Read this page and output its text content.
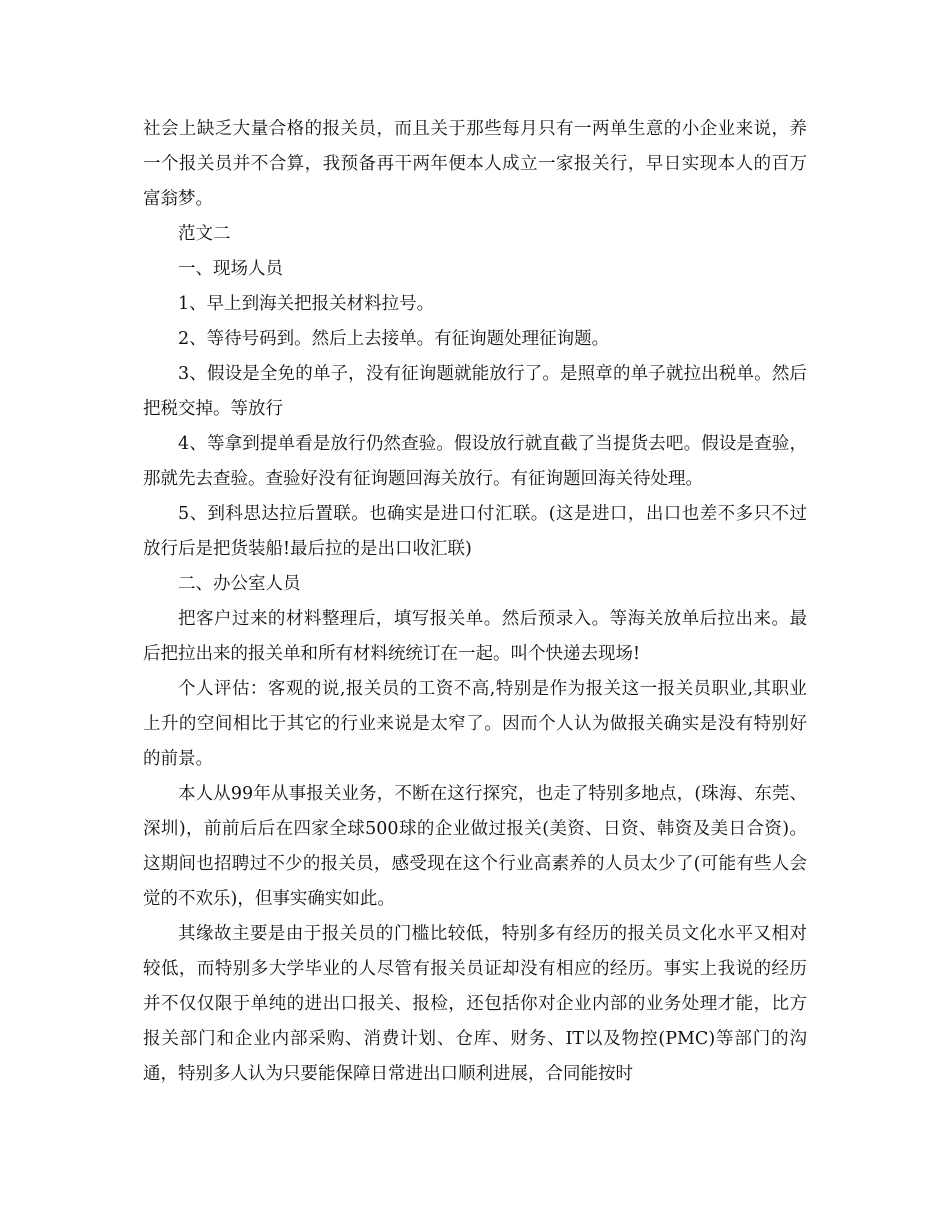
社会上缺乏大量合格的报关员，而且关于那些每月只有一两单生意的小企业来说，养一个报关员并不合算，我预备再干两年便本人成立一家报关行，早日实现本人的百万富翁梦。

范文二

一、现场人员

1、早上到海关把报关材料拉号。

2、等待号码到。然后上去接单。有征询题处理征询题。

3、假设是全免的单子，没有征询题就能放行了。是照章的单子就拉出税单。然后把税交掉。等放行

4、等拿到提单看是放行仍然查验。假设放行就直截了当提货去吧。假设是查验，那就先去查验。查验好没有征询题回海关放行。有征询题回海关待处理。

5、到科思达拉后置联。也确实是进口付汇联。(这是进口，出口也差不多只不过放行后是把货装船!最后拉的是出口收汇联)

二、办公室人员

把客户过来的材料整理后，填写报关单。然后预录入。等海关放单后拉出来。最后把拉出来的报关单和所有材料统统订在一起。叫个快递去现场!

个人评估：客观的说,报关员的工资不高,特别是作为报关这一报关员职业,其职业上升的空间相比于其它的行业来说是太窄了。因而个人认为做报关确实是没有特别好的前景。

本人从99年从事报关业务，不断在这行探究，也走了特别多地点，(珠海、东莞、深圳)，前前后后在四家全球500球的企业做过报关(美资、日资、韩资及美日合资)。这期间也招聘过不少的报关员，感受现在这个行业高素养的人员太少了(可能有些人会觉的不欢乐)，但事实确实如此。

其缘故主要是由于报关员的门槛比较低，特别多有经历的报关员文化水平又相对较低，而特别多大学毕业的人尽管有报关员证却没有相应的经历。事实上我说的经历并不仅仅限于单纯的进出口报关、报检，还包括你对企业内部的业务处理才能，比方报关部门和企业内部采购、消费计划、仓库、财务、IT以及物控(PMC)等部门的沟通，特别多人认为只要能保障日常进出口顺利进展，合同能按时
